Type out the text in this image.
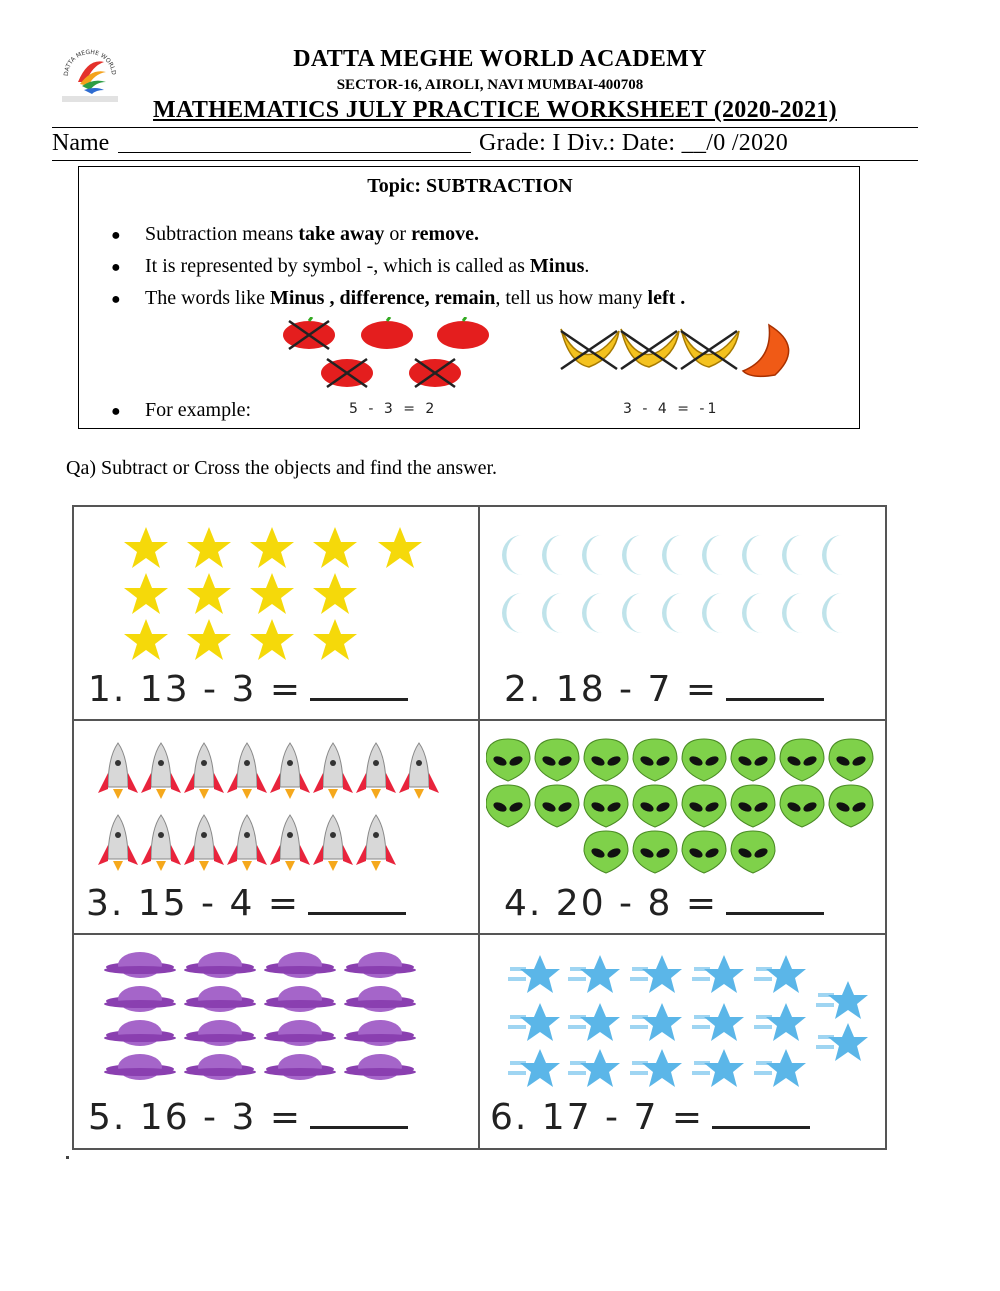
DATTA MEGHE WORLD
DATTA MEGHE WORLD ACADEMY
SECTOR-16, AIROLI, NAVI MUMBAI-400708
MATHEMATICS JULY PRACTICE WORKSHEET (2020-2021)
Name	Grade: I Div.: Date: __/0 /2020
Topic: SUBTRACTION
●	Subtraction means take away or remove.
●	It is represented by symbol -, which is called as Minus.
●	The words like Minus , difference, remain, tell us how many left .
●	For example:	5 - 3 = 2	3 - 4 = -1
Qa) Subtract or Cross the objects and find the answer.
1. 13 - 3 =	2. 18 - 7 =
3. 15 - 4 =	4. 20 - 8 =
5. 16 - 3 =	6. 17 - 7 =
